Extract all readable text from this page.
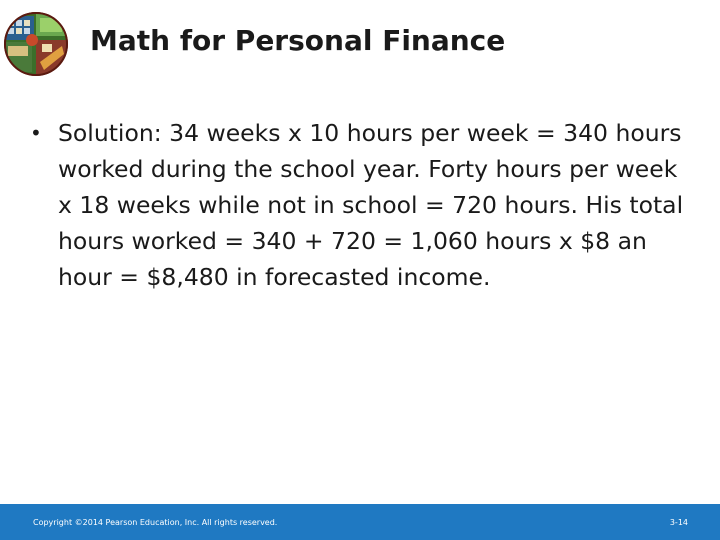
Math for Personal Finance
• Solution: 34 weeks x 10 hours per week = 340 hours worked during the school year. Forty hours per week x 18 weeks while not in school = 720 hours. His total hours worked = 340 + 720 = 1,060 hours x $8 an hour = $8,480 in forecasted income.
Copyright ©2014 Pearson Education, Inc. All rights reserved.	3-14
